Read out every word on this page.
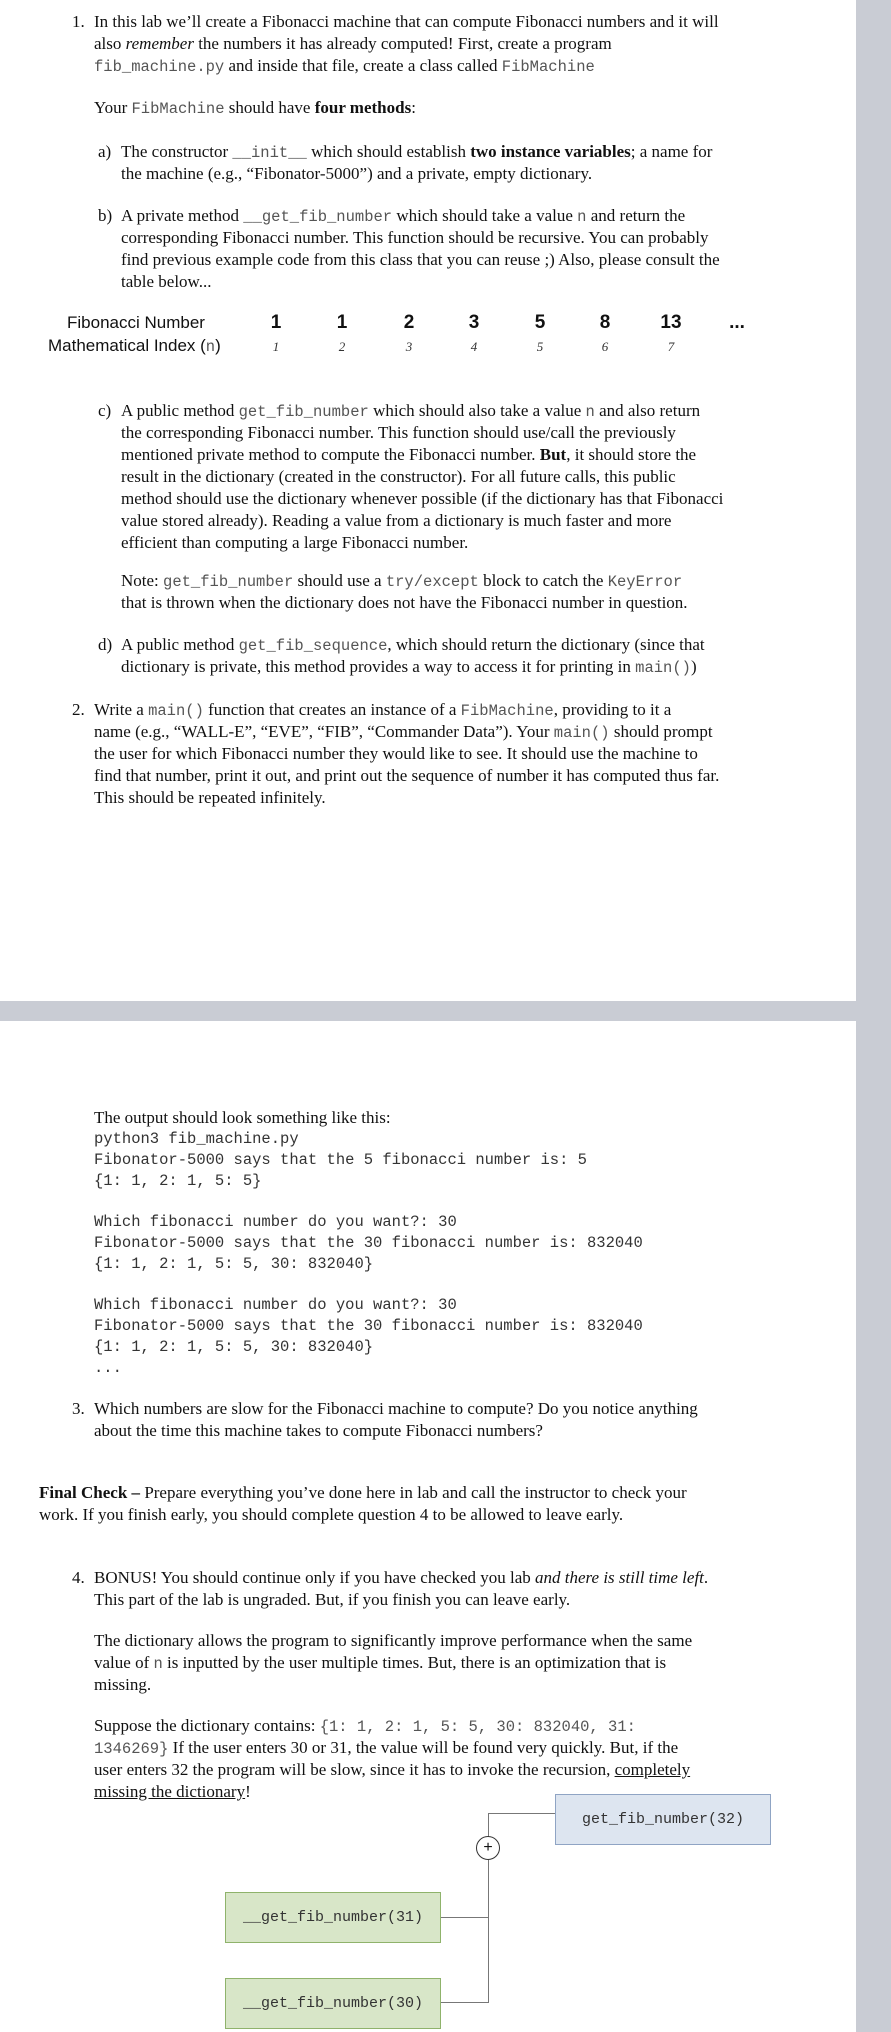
1. In this lab we’ll create a Fibonacci machine that can compute Fibonacci numbers and it will
also remember the numbers it has already computed! First, create a program
fib_machine.py and inside that file, create a class called FibMachine
Your FibMachine should have four methods:
a) The constructor __init__ which should establish two instance variables; a name for
the machine (e.g., “Fibonator-5000”) and a private, empty dictionary.
b) A private method __get_fib_number which should take a value n and return the
corresponding Fibonacci number. This function should be recursive. You can probably
find previous example code from this class that you can reuse ;) Also, please consult the
table below...
Fibonacci Number
Mathematical Index (n)
1
1
1
2
2
3
3
4
5
5
8
6
13
7
...
c) A public method get_fib_number which should also take a value n and also return
the corresponding Fibonacci number. This function should use/call the previously
mentioned private method to compute the Fibonacci number. But, it should store the
result in the dictionary (created in the constructor). For all future calls, this public
method should use the dictionary whenever possible (if the dictionary has that Fibonacci
value stored already). Reading a value from a dictionary is much faster and more
efficient than computing a large Fibonacci number.
Note: get_fib_number should use a try/except block to catch the KeyError
that is thrown when the dictionary does not have the Fibonacci number in question.
d) A public method get_fib_sequence, which should return the dictionary (since that
dictionary is private, this method provides a way to access it for printing in main())
2. Write a main() function that creates an instance of a FibMachine, providing to it a
name (e.g., “WALL-E”, “EVE”, “FIB”, “Commander Data”). Your main() should prompt
the user for which Fibonacci number they would like to see. It should use the machine to
find that number, print it out, and print out the sequence of number it has computed thus far.
This should be repeated infinitely.
The output should look something like this:
python3 fib_machine.py
Fibonator-5000 says that the 5 fibonacci number is: 5
{1: 1, 2: 1, 5: 5}

Which fibonacci number do you want?: 30
Fibonator-5000 says that the 30 fibonacci number is: 832040
{1: 1, 2: 1, 5: 5, 30: 832040}

Which fibonacci number do you want?: 30
Fibonator-5000 says that the 30 fibonacci number is: 832040
{1: 1, 2: 1, 5: 5, 30: 832040}
...
3. Which numbers are slow for the Fibonacci machine to compute? Do you notice anything
about the time this machine takes to compute Fibonacci numbers?
Final Check – Prepare everything you’ve done here in lab and call the instructor to check your
work. If you finish early, you should complete question 4 to be allowed to leave early.
4. BONUS! You should continue only if you have checked you lab and there is still time left.
This part of the lab is ungraded. But, if you finish you can leave early.
The dictionary allows the program to significantly improve performance when the same
value of n is inputted by the user multiple times. But, there is an optimization that is
missing.
Suppose the dictionary contains: {1: 1, 2: 1, 5: 5, 30: 832040, 31:
1346269} If the user enters 30 or 31, the value will be found very quickly. But, if the
user enters 32 the program will be slow, since it has to invoke the recursion, completely
missing the dictionary!
+
get_fib_number(32)
__get_fib_number(31)
__get_fib_number(30)
